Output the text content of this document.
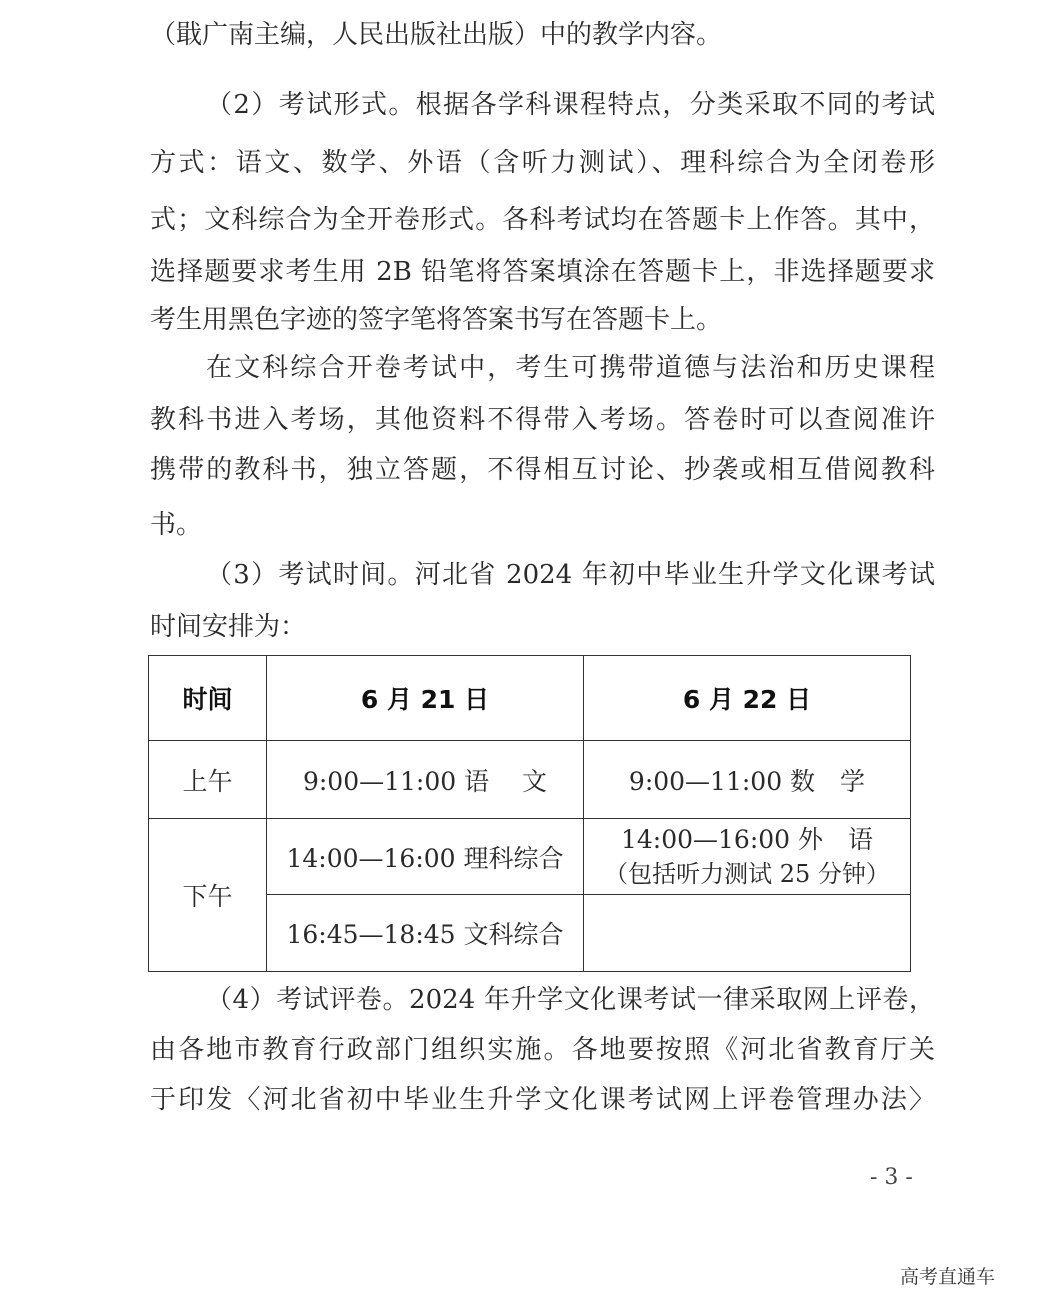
（戢广南主编，人民出版社出版）中的教学内容。
（2）考试形式。根据各学科课程特点，分类采取不同的考试
方式：语文、数学、外语（含听力测试）、理科综合为全闭卷形
式；文科综合为全开卷形式。各科考试均在答题卡上作答。其中，
选择题要求考生用 2B 铅笔将答案填涂在答题卡上，非选择题要求
考生用黑色字迹的签字笔将答案书写在答题卡上。
在文科综合开卷考试中，考生可携带道德与法治和历史课程
教科书进入考场，其他资料不得带入考场。答卷时可以查阅准许
携带的教科书，独立答题，不得相互讨论、抄袭或相互借阅教科
书。
（3）考试时间。河北省 2024 年初中毕业生升学文化课考试
时间安排为：
时间	6 月 21 日	6 月 22 日
上午	9:00—11:00 语　 文	9:00—11:00 数　学
下午	14:00—16:00 理科综合	14:00—16:00 外　语
（包括听力测试 25 分钟）

	16:45—18:45 文科综合	
（4）考试评卷。2024 年升学文化课考试一律采取网上评卷，
由各地市教育行政部门组织实施。各地要按照《河北省教育厅关
于印发〈河北省初中毕业生升学文化课考试网上评卷管理办法〉
- 3 -
高考直通车
